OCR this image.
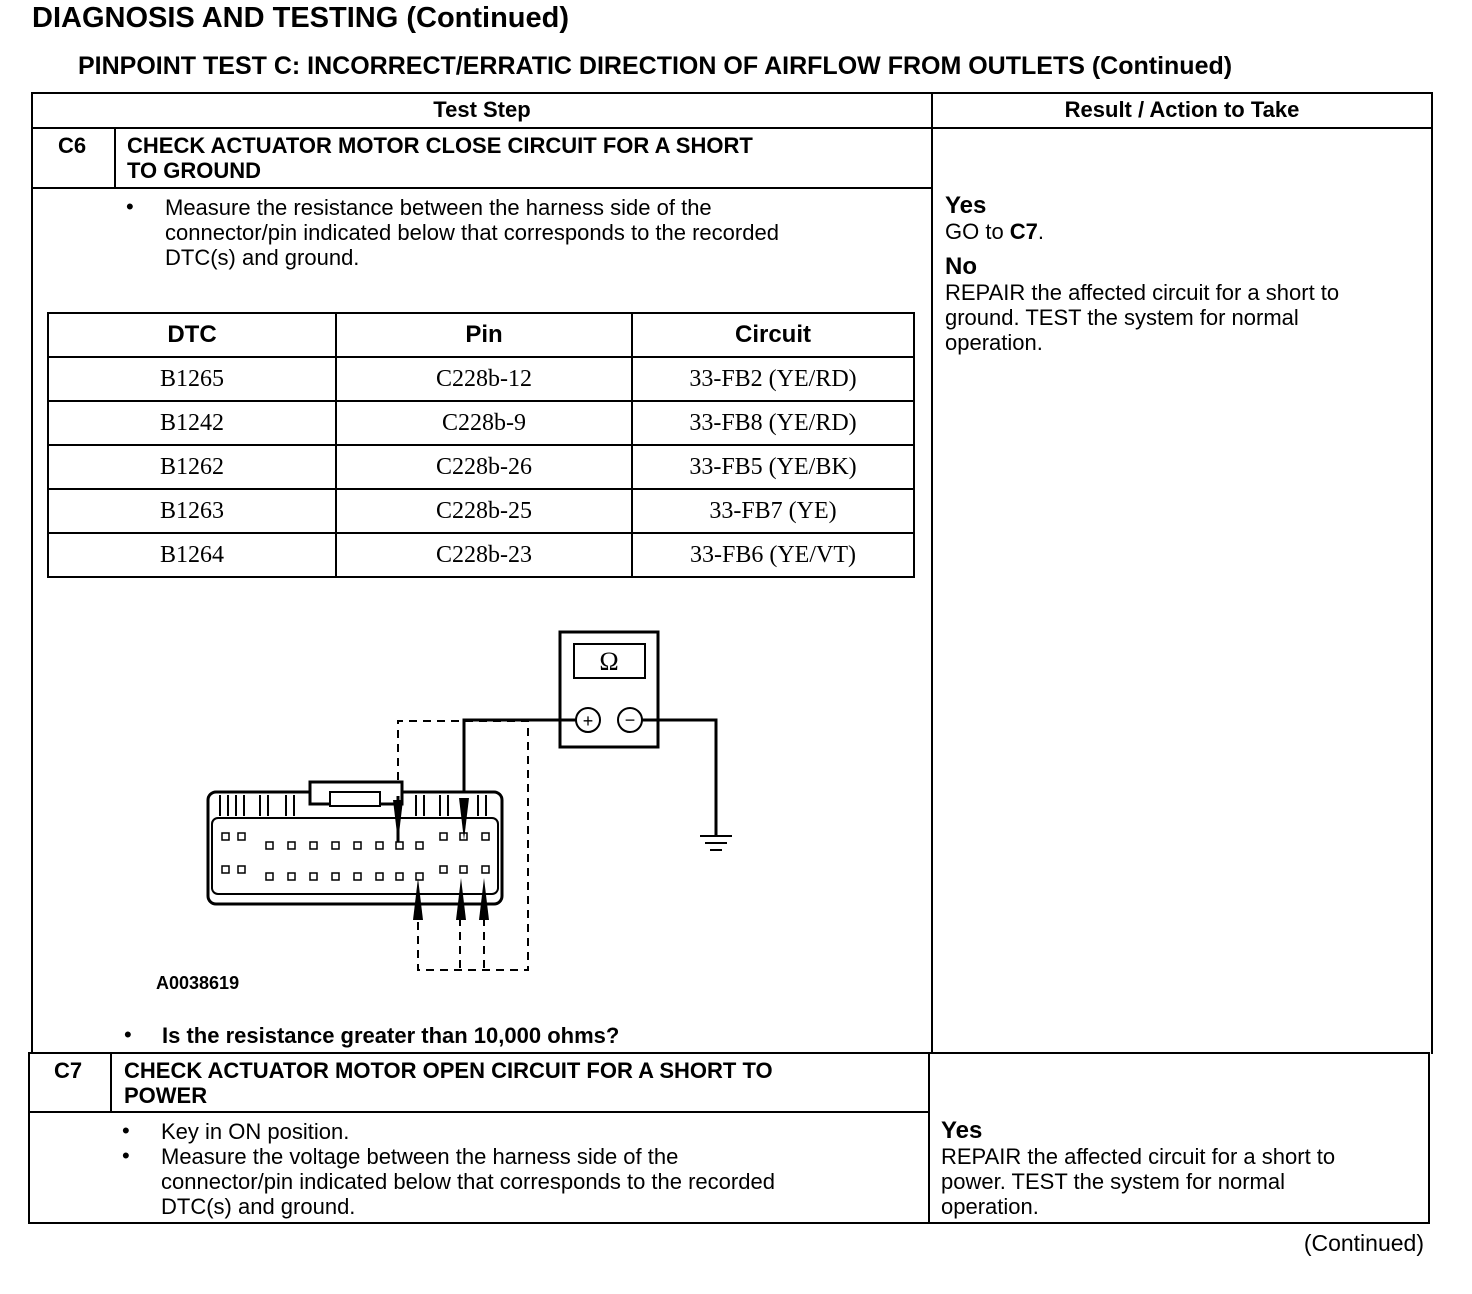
DIAGNOSIS AND TESTING (Continued)
PINPOINT TEST C: INCORRECT/ERRATIC DIRECTION OF AIRFLOW FROM OUTLETS (Continued)
Test Step	Result / Action to Take
C6 CHECK ACTUATOR MOTOR CLOSE CIRCUIT FOR A SHORT
TO GROUND
• Measure the resistance between the harness side of the
connector/pin indicated below that corresponds to the recorded
DTC(s) and ground.
DTC	Pin	Circuit
B1265	C228b-12	33-FB2 (YE/RD)
B1242	C228b-9	33-FB8 (YE/RD)
B1262	C228b-26	33-FB5 (YE/BK)
B1263	C228b-25	33-FB7 (YE)
B1264	C228b-23	33-FB6 (YE/VT)
Ω
+ −
A0038619
• Is the resistance greater than 10,000 ohms?
Yes
GO to C7.
No
REPAIR the affected circuit for a short to
ground. TEST the system for normal
operation.
C7 CHECK ACTUATOR MOTOR OPEN CIRCUIT FOR A SHORT TO
POWER
• Key in ON position.
• Measure the voltage between the harness side of the
connector/pin indicated below that corresponds to the recorded
DTC(s) and ground.
Yes
REPAIR the affected circuit for a short to
power. TEST the system for normal
operation.
(Continued)
